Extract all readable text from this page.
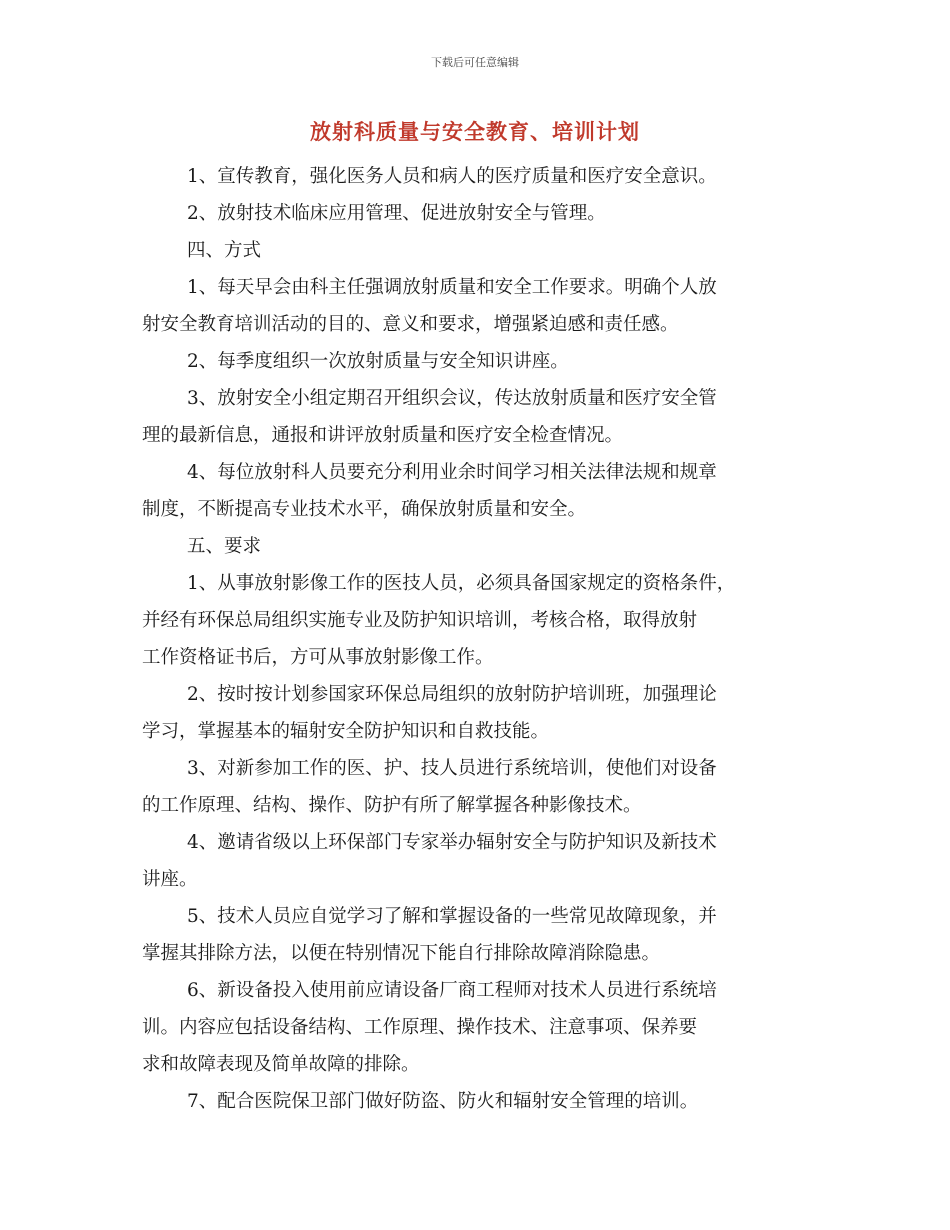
下载后可任意编辑
放射科质量与安全教育、培训计划

1、宣传教育，强化医务人员和病人的医疗质量和医疗安全意识。

2、放射技术临床应用管理、促进放射安全与管理。

四、方式

1、每天早会由科主任强调放射质量和安全工作要求。明确个人放

射安全教育培训活动的目的、意义和要求，增强紧迫感和责任感。

2、每季度组织一次放射质量与安全知识讲座。

3、放射安全小组定期召开组织会议，传达放射质量和医疗安全管

理的最新信息，通报和讲评放射质量和医疗安全检查情况。

4、每位放射科人员要充分利用业余时间学习相关法律法规和规章

制度，不断提高专业技术水平，确保放射质量和安全。

五、要求

1、从事放射影像工作的医技人员，必须具备国家规定的资格条件，

并经有环保总局组织实施专业及防护知识培训，考核合格，取得放射

工作资格证书后，方可从事放射影像工作。

2、按时按计划参国家环保总局组织的放射防护培训班，加强理论

学习，掌握基本的辐射安全防护知识和自救技能。

3、对新参加工作的医、护、技人员进行系统培训，使他们对设备

的工作原理、结构、操作、防护有所了解掌握各种影像技术。

4、邀请省级以上环保部门专家举办辐射安全与防护知识及新技术

讲座。

5、技术人员应自觉学习了解和掌握设备的一些常见故障现象，并

掌握其排除方法，以便在特别情况下能自行排除故障消除隐患。

6、新设备投入使用前应请设备厂商工程师对技术人员进行系统培

训。内容应包括设备结构、工作原理、操作技术、注意事项、保养要

求和故障表现及简单故障的排除。

7、配合医院保卫部门做好防盗、防火和辐射安全管理的培训。
